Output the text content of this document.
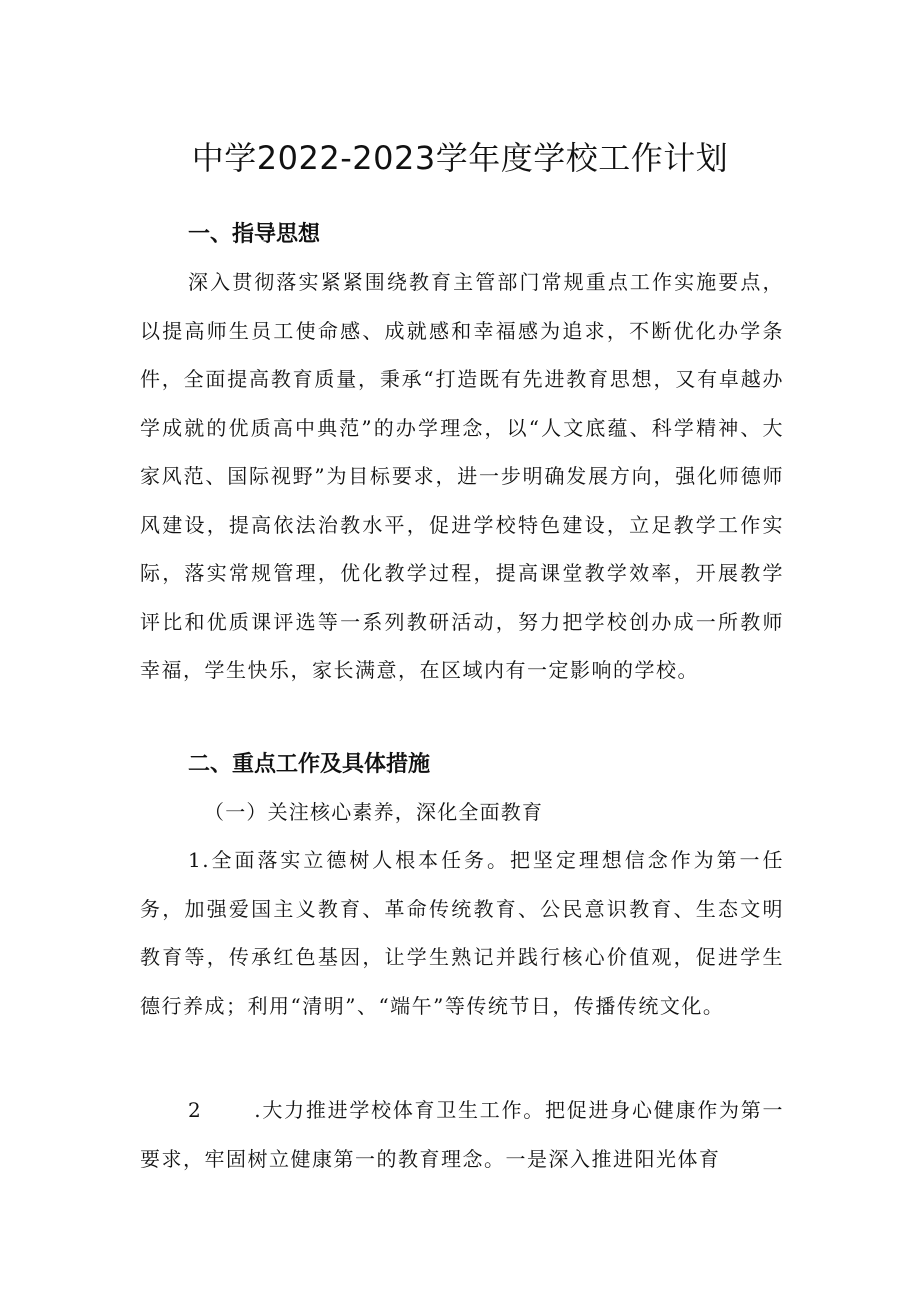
中学2022-2023学年度学校工作计划
一、指导思想
深入贯彻落实紧紧围绕教育主管部门常规重点工作实施要点，以提高师生员工使命感、成就感和幸福感为追求，不断优化办学条件，全面提高教育质量，秉承“打造既有先进教育思想，又有卓越办学成就的优质高中典范”的办学理念，以“人文底蕴、科学精神、大家风范、国际视野”为目标要求，进一步明确发展方向，强化师德师风建设，提高依法治教水平，促进学校特色建设，立足教学工作实际，落实常规管理，优化教学过程，提高课堂教学效率，开展教学评比和优质课评选等一系列教研活动，努力把学校创办成一所教师幸福，学生快乐，家长满意，在区域内有一定影响的学校。
二、重点工作及具体措施
（一）关注核心素养，深化全面教育
1.全面落实立德树人根本任务。把坚定理想信念作为第一任务，加强爱国主义教育、革命传统教育、公民意识教育、生态文明教育等，传承红色基因，让学生熟记并践行核心价值观，促进学生德行养成；利用“清明”、“端午”等传统节日，传播传统文化。
2	.大力推进学校体育卫生工作。把促进身心健康作为第一要求，牢固树立健康第一的教育理念。一是深入推进阳光体育
